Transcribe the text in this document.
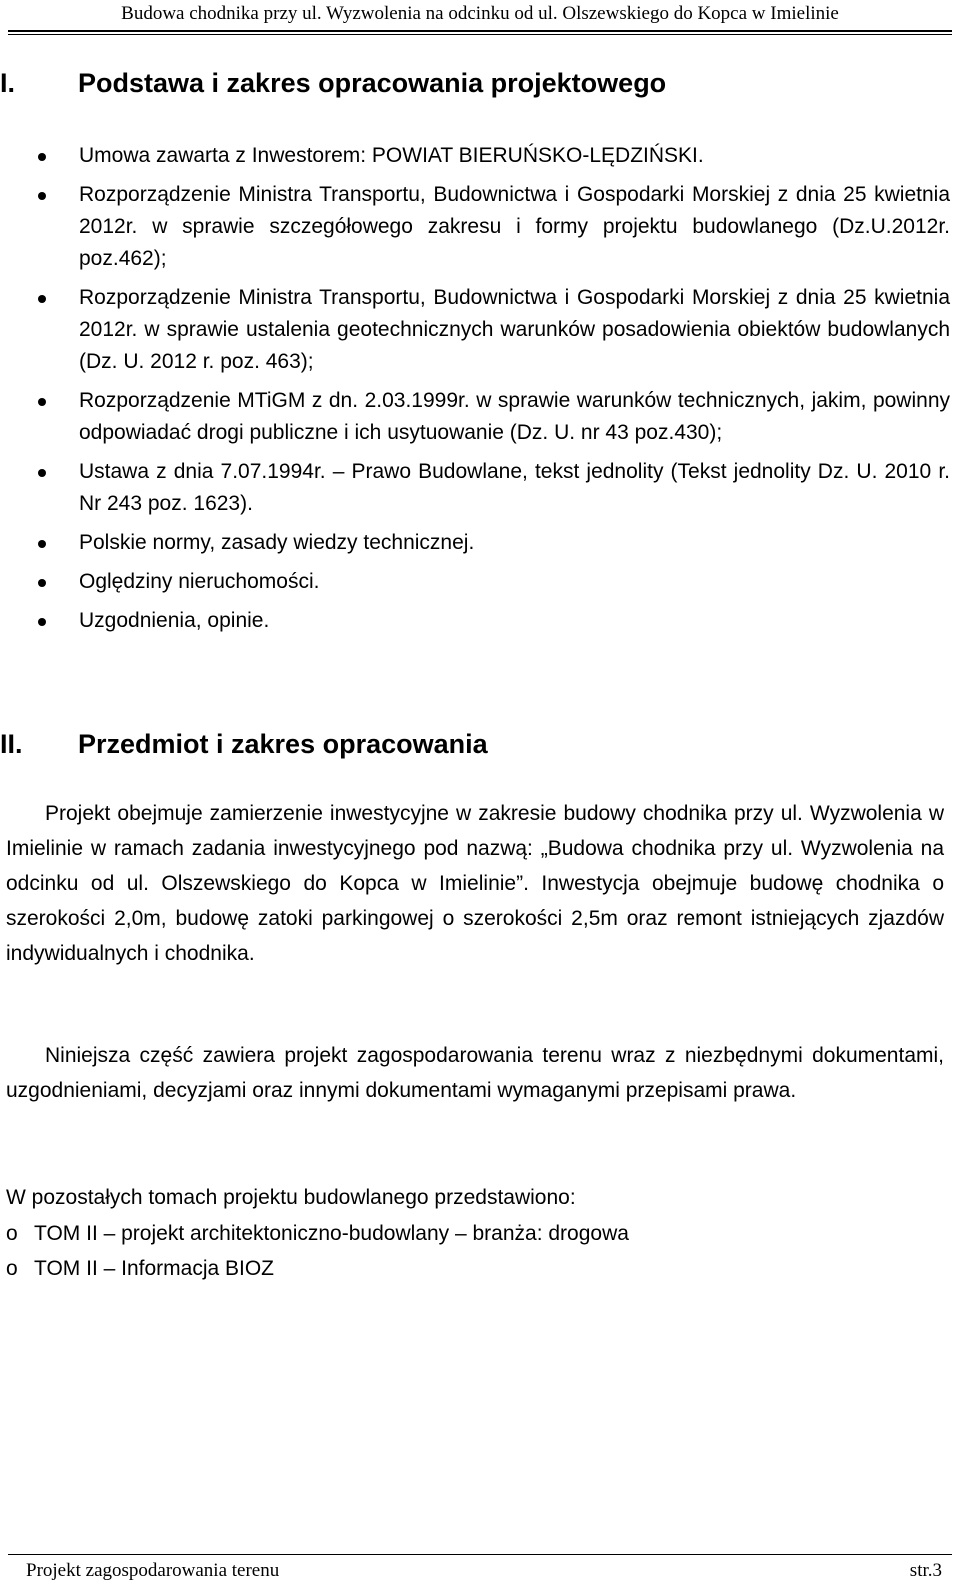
Budowa chodnika przy ul. Wyzwolenia na odcinku od ul. Olszewskiego do Kopca w Imielinie
I.	Podstawa i zakres opracowania projektowego
Umowa zawarta z Inwestorem: POWIAT BIERUŃSKO-LĘDZIŃSKI.
Rozporządzenie Ministra Transportu, Budownictwa i Gospodarki Morskiej z dnia 25 kwietnia 2012r. w sprawie szczegółowego zakresu i formy projektu budowlanego (Dz.U.2012r. poz.462);
Rozporządzenie Ministra Transportu, Budownictwa i Gospodarki Morskiej z dnia 25 kwietnia 2012r. w sprawie ustalenia geotechnicznych warunków posadowienia obiektów budowlanych (Dz. U. 2012 r. poz. 463);
Rozporządzenie MTiGM z dn. 2.03.1999r. w sprawie warunków technicznych, jakim, powinny odpowiadać drogi publiczne i ich usytuowanie (Dz. U. nr 43 poz.430);
Ustawa z dnia 7.07.1994r. – Prawo Budowlane, tekst jednolity (Tekst jednolity Dz. U. 2010 r. Nr 243 poz. 1623).
Polskie normy, zasady wiedzy technicznej.
Oględziny nieruchomości.
Uzgodnienia, opinie.
II.	Przedmiot i zakres opracowania

Projekt obejmuje zamierzenie inwestycyjne w zakresie budowy chodnika przy ul. Wyzwolenia w Imielinie w ramach zadania inwestycyjnego pod nazwą: „Budowa chodnika przy ul. Wyzwolenia na odcinku od ul. Olszewskiego do Kopca w Imielinie”. Inwestycja obejmuje budowę chodnika o szerokości 2,0m, budowę zatoki parkingowej o szerokości 2,5m oraz remont istniejących zjazdów indywidualnych i chodnika.

Niniejsza część zawiera projekt zagospodarowania terenu wraz z niezbędnymi dokumentami, uzgodnieniami, decyzjami oraz innymi dokumentami wymaganymi przepisami prawa.

W pozostałych tomach projektu budowlanego przedstawiono:

o TOM II – projekt architektoniczno-budowlany – branża: drogowa
o TOM II – Informacja BIOZ
Projekt zagospodarowania terenu	str.3
